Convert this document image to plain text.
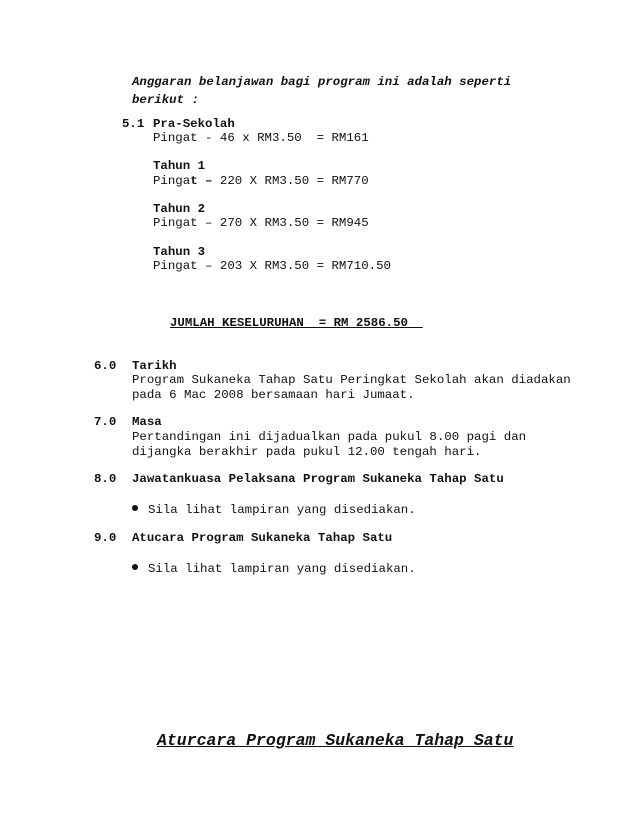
Anggaran belanjawan bagi program ini adalah seperti
berikut :
5.1 Pra-Sekolah
Pingat - 46 x RM3.50  = RM161
Tahun 1
Pingat – 220 X RM3.50 = RM770
Tahun 2
Pingat – 270 X RM3.50 = RM945
Tahun 3
Pingat – 203 X RM3.50 = RM710.50
JUMLAH KESELURUHAN  = RM 2586.50
6.0 Tarikh
Program Sukaneka Tahap Satu Peringkat Sekolah akan diadakan
pada 6 Mac 2008 bersamaan hari Jumaat.
7.0 Masa
Pertandingan ini dijadualkan pada pukul 8.00 pagi dan
dijangka berakhir pada pukul 12.00 tengah hari.
8.0 Jawatankuasa Pelaksana Program Sukaneka Tahap Satu
Sila lihat lampiran yang disediakan.
9.0 Atucara Program Sukaneka Tahap Satu
Sila lihat lampiran yang disediakan.
Aturcara Program Sukaneka Tahap Satu
